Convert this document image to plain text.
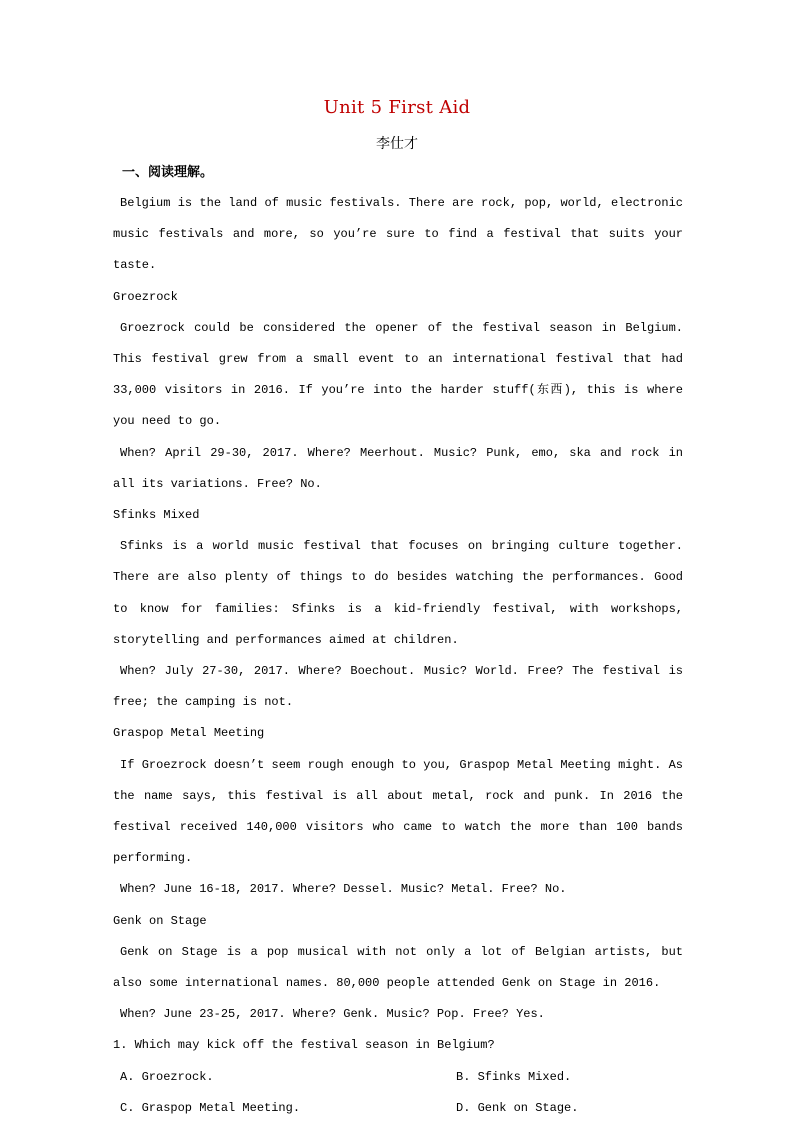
Unit 5 First Aid
李仕才
一、阅读理解。

Belgium is the land of music festivals. There are rock, pop, world, electronic music festivals and more, so you’re sure to find a festival that suits your taste.

Groezrock

Groezrock could be considered the opener of the festival season in Belgium. This festival grew from a small event to an international festival that had 33,000 visitors in 2016. If you’re into the harder stuff(东西), this is where you need to go.

When? April 29-30, 2017. Where? Meerhout. Music? Punk, emo, ska and rock in all its variations. Free? No.

Sfinks Mixed

Sfinks is a world music festival that focuses on bringing culture together. There are also plenty of things to do besides watching the performances. Good to know for families: Sfinks is a kid-friendly festival, with workshops, storytelling and performances aimed at children.

When? July 27-30, 2017. Where? Boechout. Music? World. Free? The festival is free; the camping is not.

Graspop Metal Meeting

If Groezrock doesn’t seem rough enough to you, Graspop Metal Meeting might. As the name says, this festival is all about metal, rock and punk. In 2016 the festival received 140,000 visitors who came to watch the more than 100 bands performing.

When? June 16-18, 2017. Where? Dessel. Music? Metal. Free? No.

Genk on Stage

Genk on Stage is a pop musical with not only a lot of Belgian artists, but also some international names. 80,000 people attended Genk on Stage in 2016.

When? June 23-25, 2017. Where? Genk. Music? Pop. Free? Yes.

1. Which may kick off the festival season in Belgium?

A. Groezrock.	B. Sfinks Mixed.
C. Graspop Metal Meeting.	D. Genk on Stage.
